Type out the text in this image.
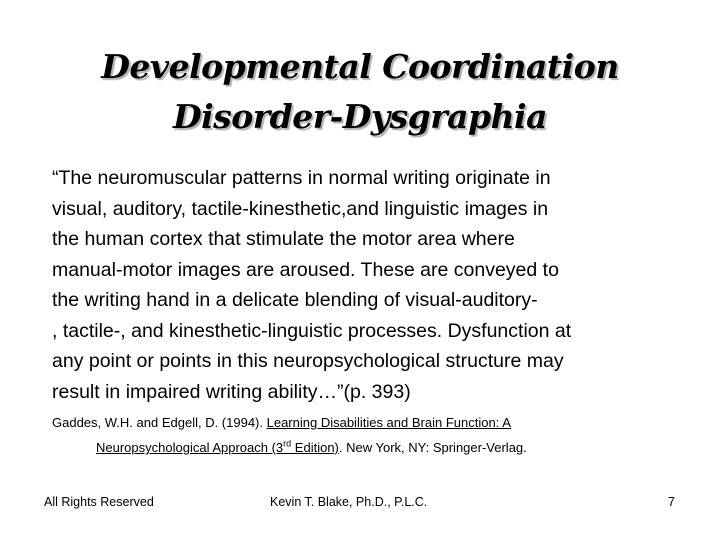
Developmental Coordination
Disorder-Dysgraphia
“The neuromuscular patterns in normal writing originate in
visual, auditory, tactile-kinesthetic,and linguistic images in
the human cortex that stimulate the motor area where
manual-motor images are aroused. These are conveyed to
the writing hand in a delicate blending of visual-auditory-
, tactile-, and kinesthetic-linguistic processes. Dysfunction at
any point or points in this neuropsychological structure may
result in impaired writing ability…”(p. 393)
Gaddes, W.H. and Edgell, D. (1994). Learning Disabilities and Brain Function: A
Neuropsychological Approach (3rd Edition). New York, NY: Springer-Verlag.
All Rights Reserved	Kevin T. Blake, Ph.D., P.L.C.	7
